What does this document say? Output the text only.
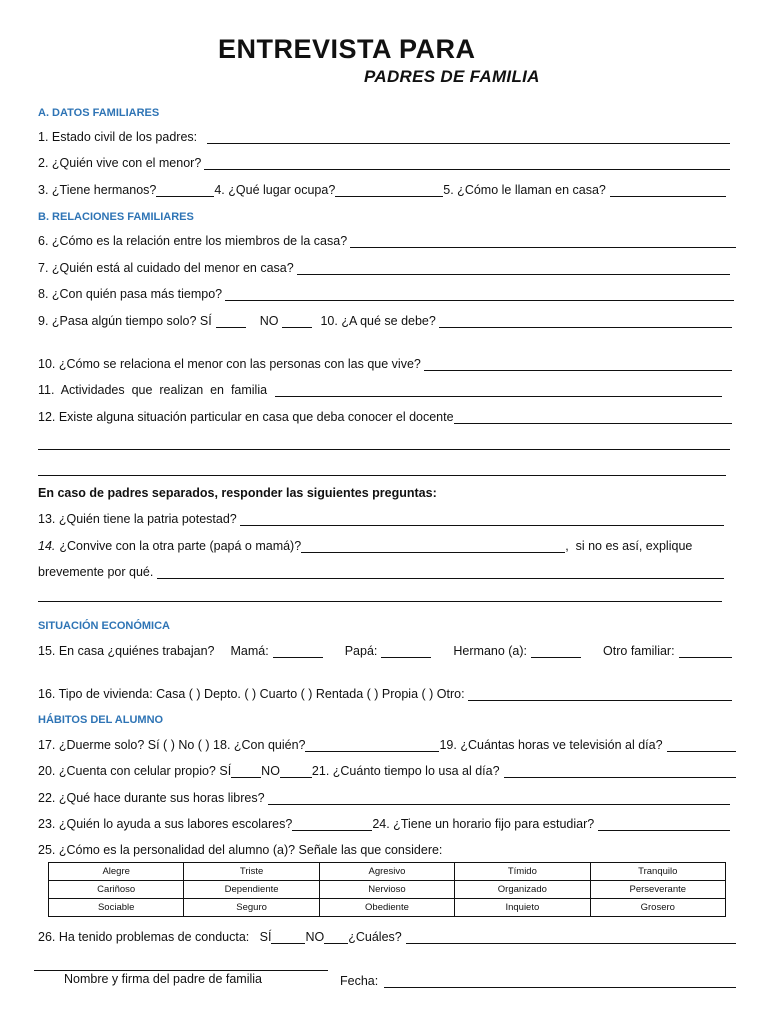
ENTREVISTA PARA
PADRES DE FAMILIA
A. DATOS FAMILIARES
1. Estado civil de los padres:
2. ¿Quién vive con el menor?
3. ¿Tiene hermanos?	4. ¿Qué lugar ocupa?	5. ¿Cómo le llaman en casa?
B. RELACIONES FAMILIARES
6. ¿Cómo es la relación entre los miembros de la casa?
7. ¿Quién está al cuidado del menor en casa?
8. ¿Con quién pasa más tiempo?
9. ¿Pasa algún tiempo solo? SÍ	NO	10. ¿A qué se debe?
10. ¿Cómo se relaciona el menor con las personas con las que vive?
11.  Actividades  que  realizan  en  familia
12. Existe alguna situación particular en casa que deba conocer el docente
En caso de padres separados, responder las siguientes preguntas:
13. ¿Quién tiene la patria potestad?
14. ¿Convive con la otra parte (papá o mamá)?	,  si no es así, explique
brevemente por qué.
SITUACIÓN ECONÓMICA
15. En casa ¿quiénes trabajan? Mamá:	Papá:	Hermano (a):	Otro familiar:
16. Tipo de vivienda: Casa ( ) Depto. ( ) Cuarto ( ) Rentada ( ) Propia ( ) Otro:
HÁBITOS DEL ALUMNO
17. ¿Duerme solo? Sí ( ) No ( ) 18. ¿Con quién?	19. ¿Cuántas horas ve televisión al día?
20. ¿Cuenta con celular propio? SÍ NO	21. ¿Cuánto tiempo lo usa al día?
22. ¿Qué hace durante sus horas libres?
23. ¿Quién lo ayuda a sus labores escolares?	24. ¿Tiene un horario fijo para estudiar?
25. ¿Cómo es la personalidad del alumno (a)? Señale las que considere:
Alegre	Triste	Agresivo	Tímido	Tranquilo
Cariñoso	Dependiente	Nervioso	Organizado	Perseverante
Sociable	Seguro	Obediente	Inquieto	Grosero
26. Ha tenido problemas de conducta:   SÍ	NO ¿Cuáles?
Nombre y firma del padre de familia	Fecha:
